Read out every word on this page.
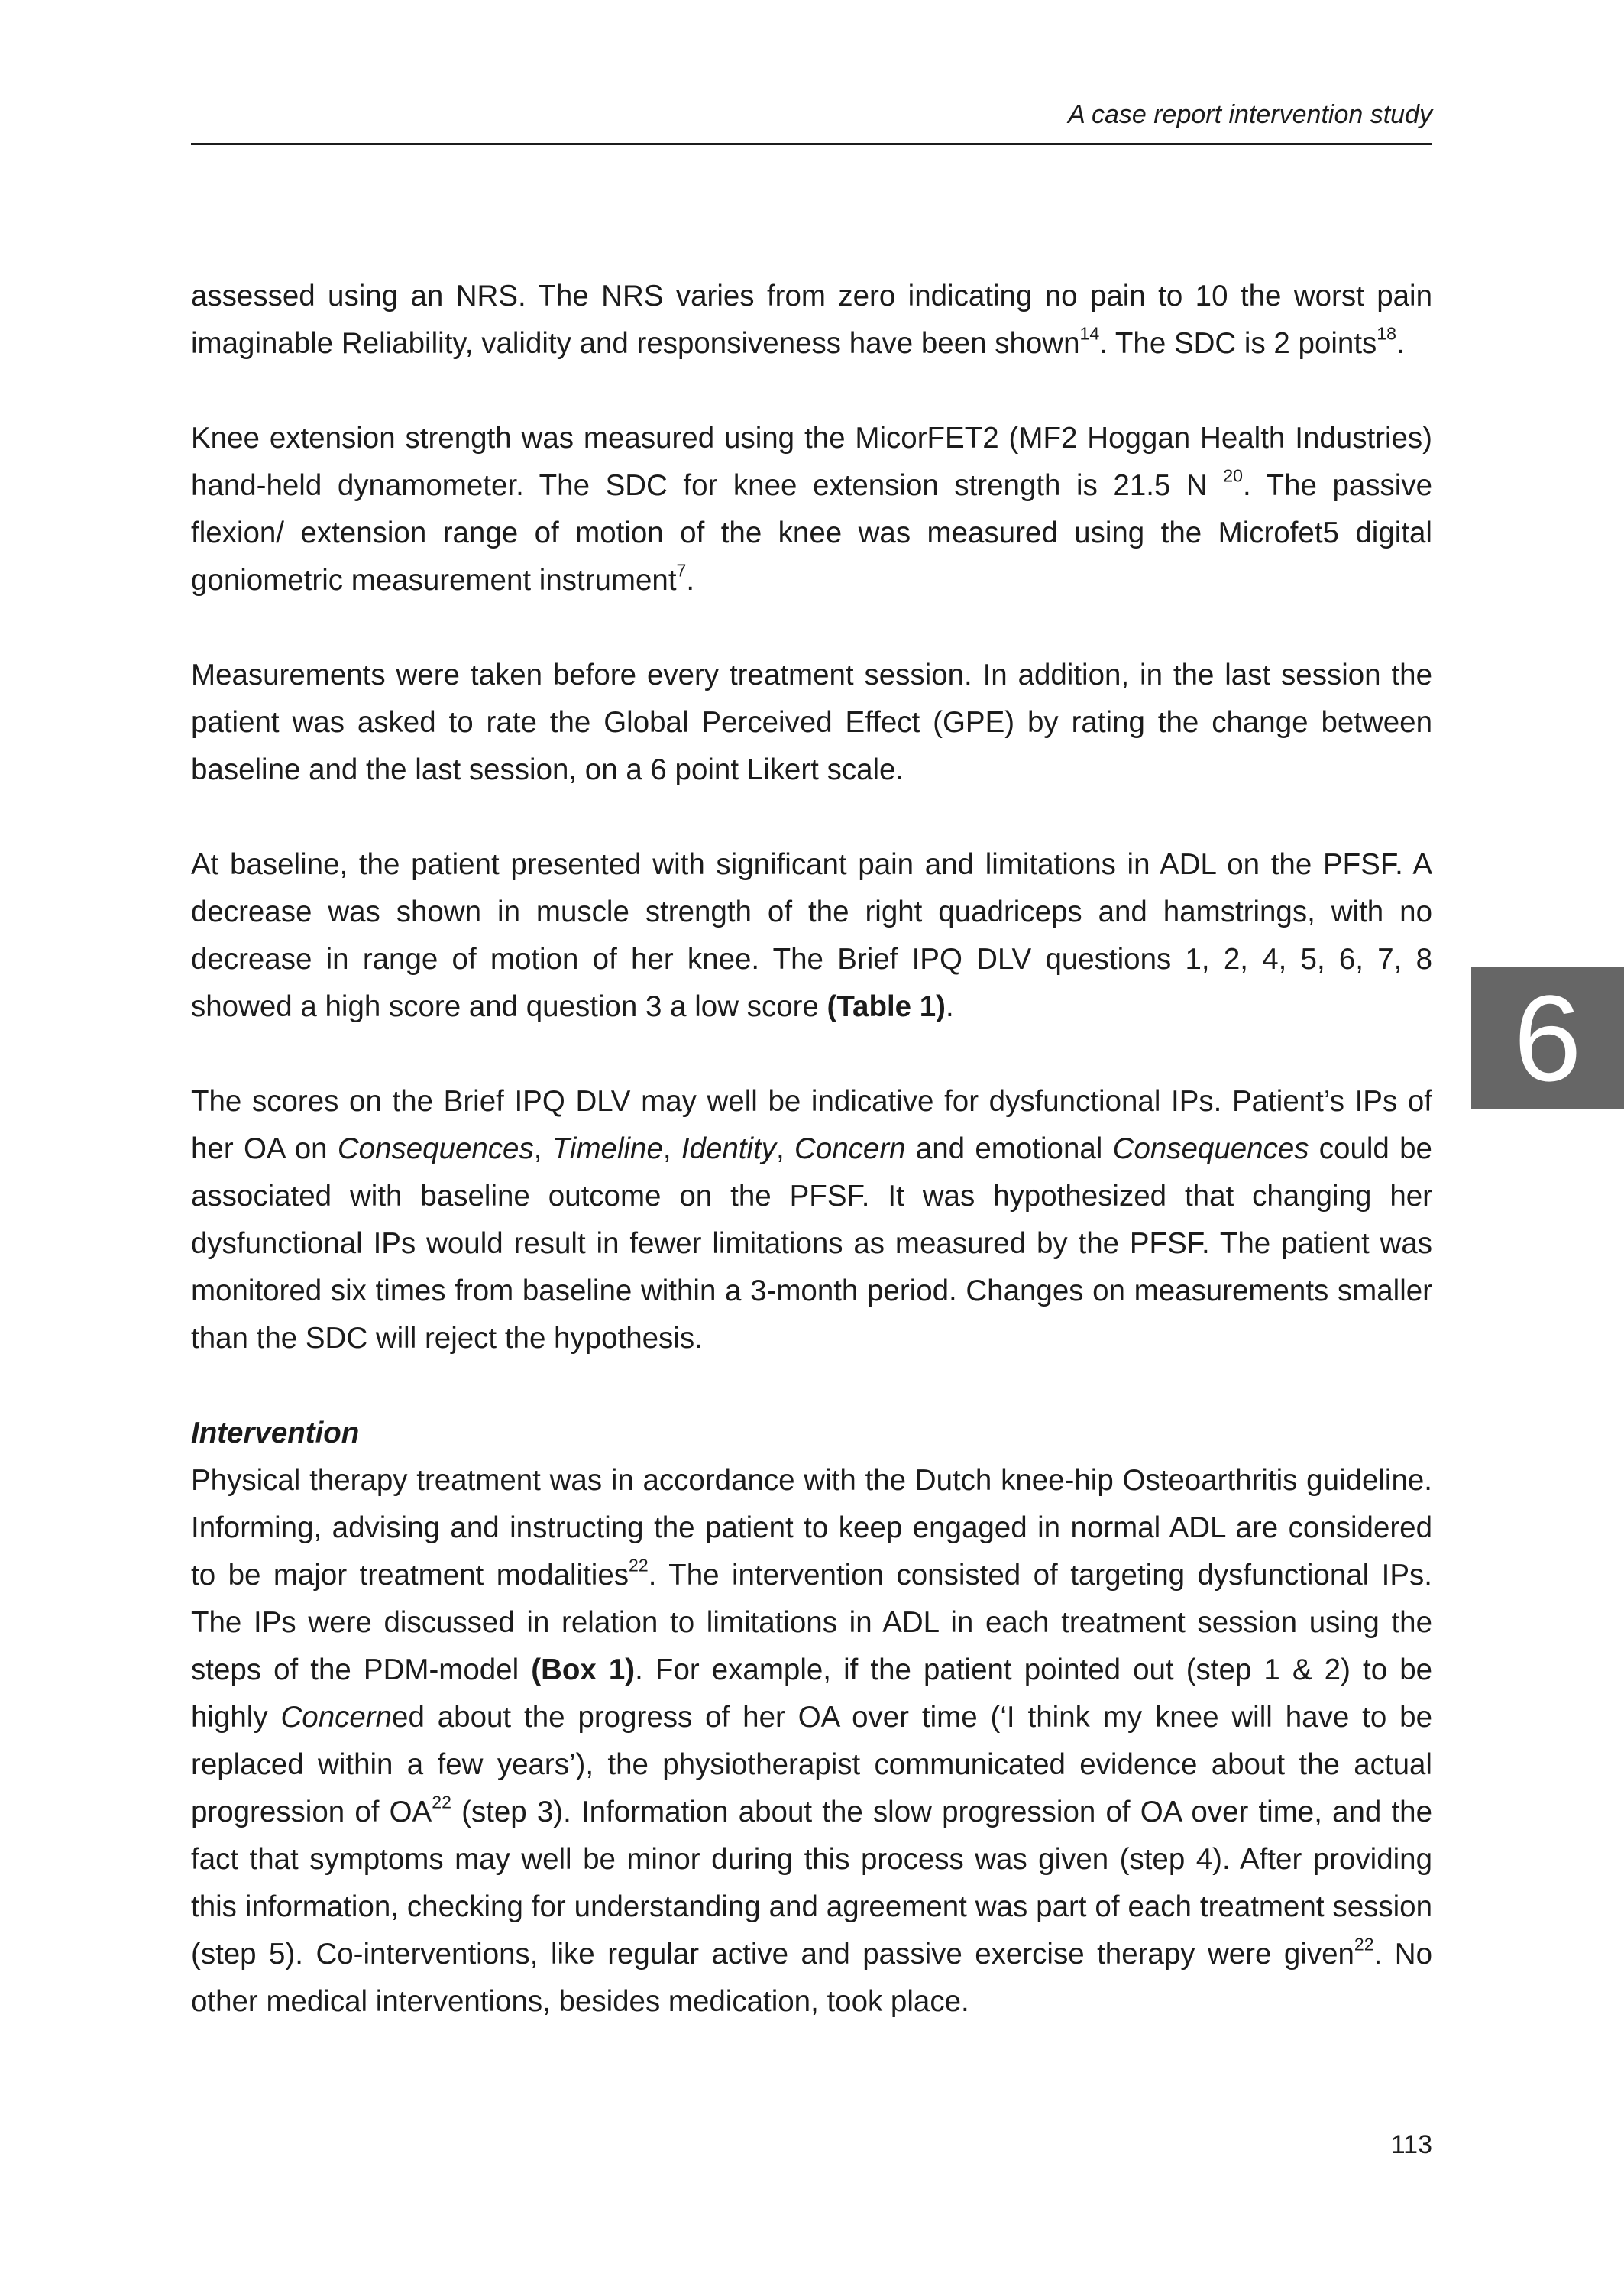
A case report intervention study
6

assessed using an NRS. The NRS varies from zero indicating no pain to 10 the worst pain imaginable Reliability, validity and responsiveness have been shown$^{14}$. The SDC is 2 points$^{18}$.

Knee extension strength was measured using the MicorFET2 (MF2 Hoggan Health Industries) hand-held dynamometer. The SDC for knee extension strength is 21.5 N $^{20}$. The passive flexion/ extension range of motion of the knee was measured using the Microfet5 digital goniometric measurement instrument$^7$.

Measurements were taken before every treatment session. In addition, in the last session the patient was asked to rate the Global Perceived Effect (GPE) by rating the change between baseline and the last session, on a 6 point Likert scale.

At baseline, the patient presented with significant pain and limitations in ADL on the PFSF. A decrease was shown in muscle strength of the right quadriceps and hamstrings, with no decrease in range of motion of her knee. The Brief IPQ DLV questions 1, 2, 4, 5, 6, 7, 8 showed a high score and question 3 a low score (Table 1).

The scores on the Brief IPQ DLV may well be indicative for dysfunctional IPs. Patient’s IPs of her OA on Consequences, Timeline, Identity, Concern and emotional Consequences could be associated with baseline outcome on the PFSF. It was hypothesized that changing her dysfunctional IPs would result in fewer limitations as measured by the PFSF. The patient was monitored six times from baseline within a 3-month period. Changes on measurements smaller than the SDC will reject the hypothesis.

Intervention

Physical therapy treatment was in accordance with the Dutch knee-hip Osteoarthritis guideline. Informing, advising and instructing the patient to keep engaged in normal ADL are considered to be major treatment modalities$^{22}$. The intervention consisted of targeting dysfunctional IPs. The IPs were discussed in relation to limitations in ADL in each treatment session using the steps of the PDM-model (Box 1). For example, if the patient pointed out (step 1 & 2) to be highly Concerned about the progress of her OA over time (‘I think my knee will have to be replaced within a few years’), the physiotherapist communicated evidence about the actual progression of OA$^{22}$ (step 3). Information about the slow progression of OA over time, and the fact that symptoms may well be minor during this process was given (step 4). After providing this information, checking for understanding and agreement was part of each treatment session (step 5). Co-interventions, like regular active and passive exercise therapy were given$^{22}$. No other medical interventions, besides medication, took place.

113
